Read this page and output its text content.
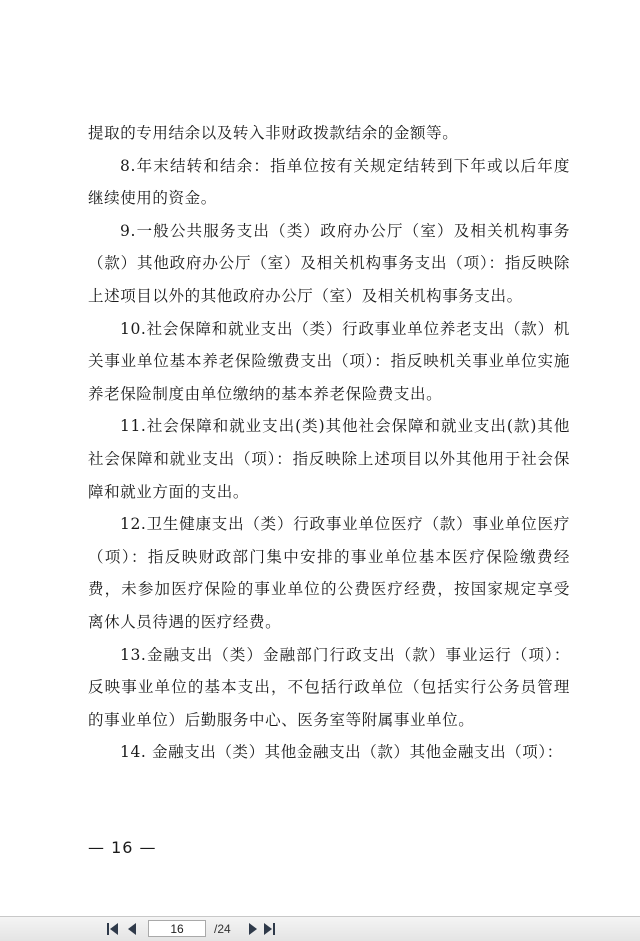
提取的专用结余以及转入非财政拨款结余的金额等。

8.年末结转和结余：指单位按有关规定结转到下年或以后年度继续使用的资金。

9.一般公共服务支出（类）政府办公厅（室）及相关机构事务（款）其他政府办公厅（室）及相关机构事务支出（项）：指反映除上述项目以外的其他政府办公厅（室）及相关机构事务支出。

10.社会保障和就业支出（类）行政事业单位养老支出（款）机关事业单位基本养老保险缴费支出（项）：指反映机关事业单位实施养老保险制度由单位缴纳的基本养老保险费支出。

11.社会保障和就业支出(类)其他社会保障和就业支出(款)其他社会保障和就业支出（项）：指反映除上述项目以外其他用于社会保障和就业方面的支出。

12.卫生健康支出（类）行政事业单位医疗（款）事业单位医疗（项）：指反映财政部门集中安排的事业单位基本医疗保险缴费经费，未参加医疗保险的事业单位的公费医疗经费，按国家规定享受离休人员待遇的医疗经费。

13.金融支出（类）金融部门行政支出（款）事业运行（项）：反映事业单位的基本支出，不包括行政单位（包括实行公务员管理的事业单位）后勤服务中心、医务室等附属事业单位。

14. 金融支出（类）其他金融支出（款）其他金融支出（项）：

— 16 —
16
/24
